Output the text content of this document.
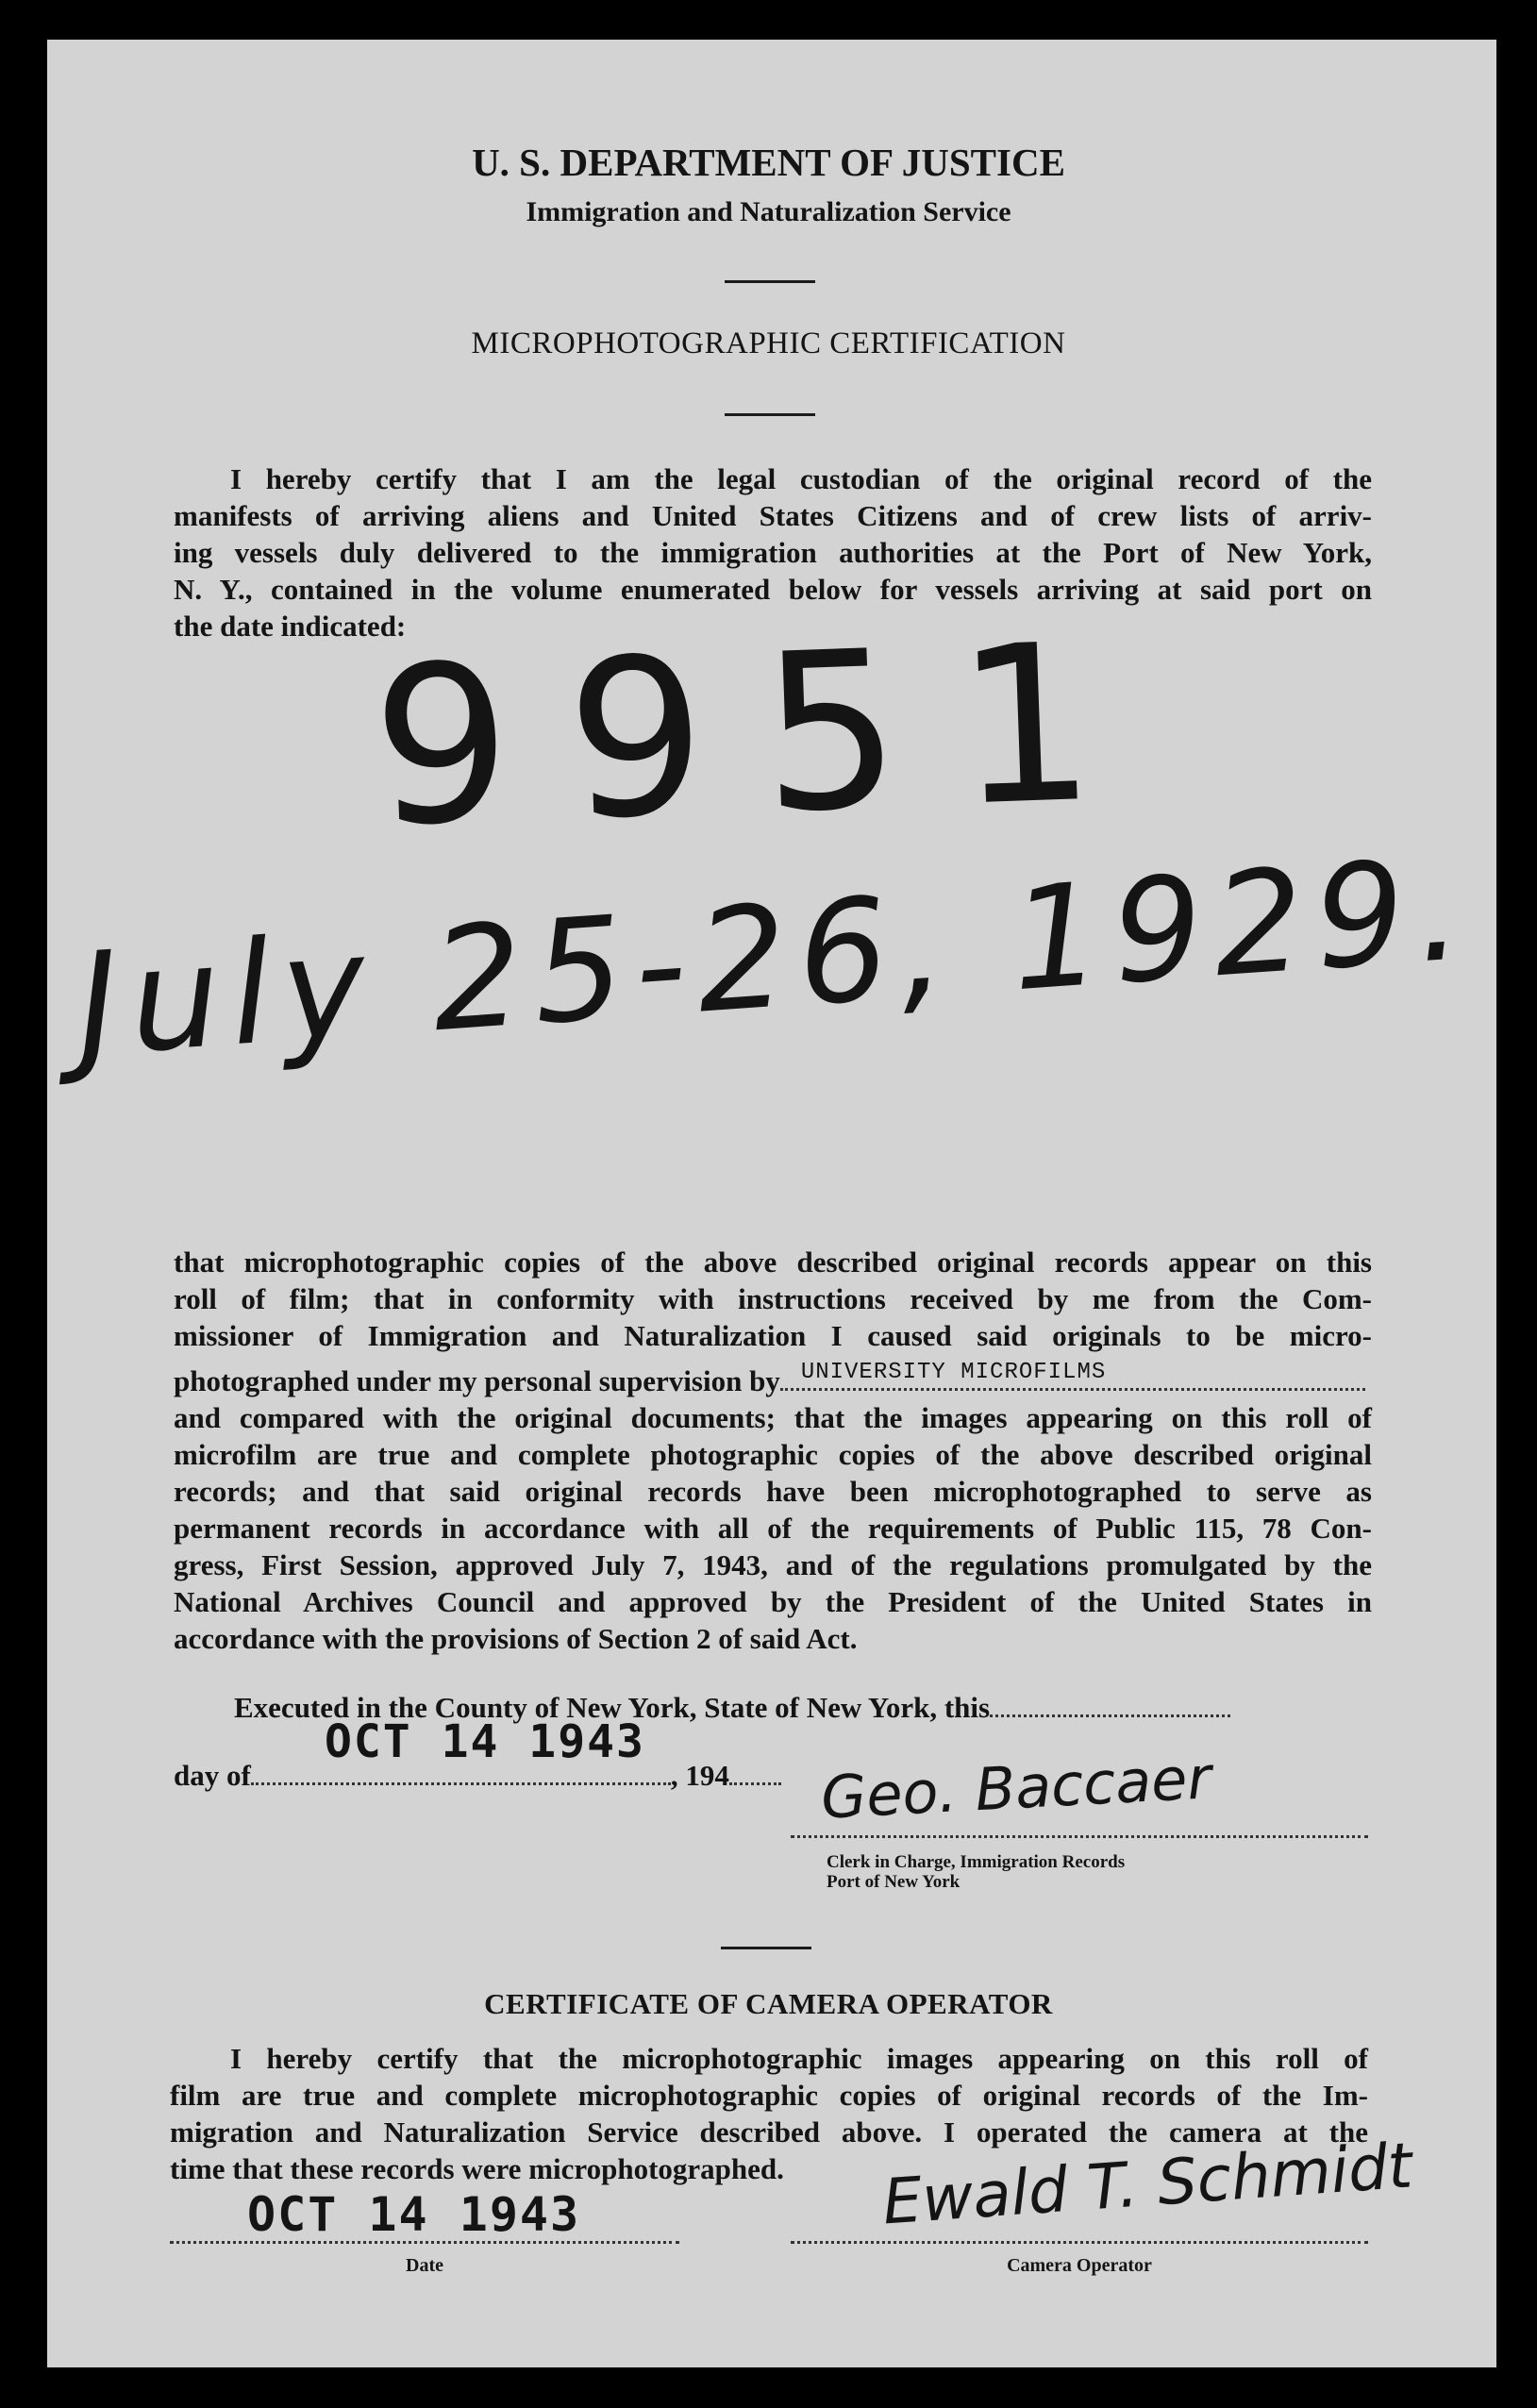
U. S. DEPARTMENT OF JUSTICE
Immigration and Naturalization Service
MICROPHOTOGRAPHIC CERTIFICATION
I hereby certify that I am the legal custodian of the original record of the
manifests of arriving aliens and United States Citizens and of crew lists of arriv-
ing vessels duly delivered to the immigration authorities at the Port of New York,
N. Y., contained in the volume enumerated below for vessels arriving at said port on
the date indicated:
9951
July 25-26, 1929.
that microphotographic copies of the above described original records appear on this
roll of film; that in conformity with instructions received by me from the Com-
missioner of Immigration and Naturalization I caused said originals to be micro-
photographed under my personal supervision by UNIVERSITY MICROFILMS
and compared with the original documents; that the images appearing on this roll of
microfilm are true and complete photographic copies of the above described original
records; and that said original records have been microphotographed to serve as
permanent records in accordance with all of the requirements of Public 115, 78 Con-
gress, First Session, approved July 7, 1943, and of the regulations promulgated by the
National Archives Council and approved by the President of the United States in
accordance with the provisions of Section 2 of said Act.
Executed in the County of New York, State of New York, this
day of	, 194
OCT 14 1943
Geo. Baccaer
Clerk in Charge, Immigration Records
Port of New York
CERTIFICATE OF CAMERA OPERATOR
I hereby certify that the microphotographic images appearing on this roll of
film are true and complete microphotographic copies of original records of the Im-
migration and Naturalization Service described above. I operated the camera at the
time that these records were microphotographed.
OCT 14 1943
Date
Ewald T. Schmidt
Camera Operator
